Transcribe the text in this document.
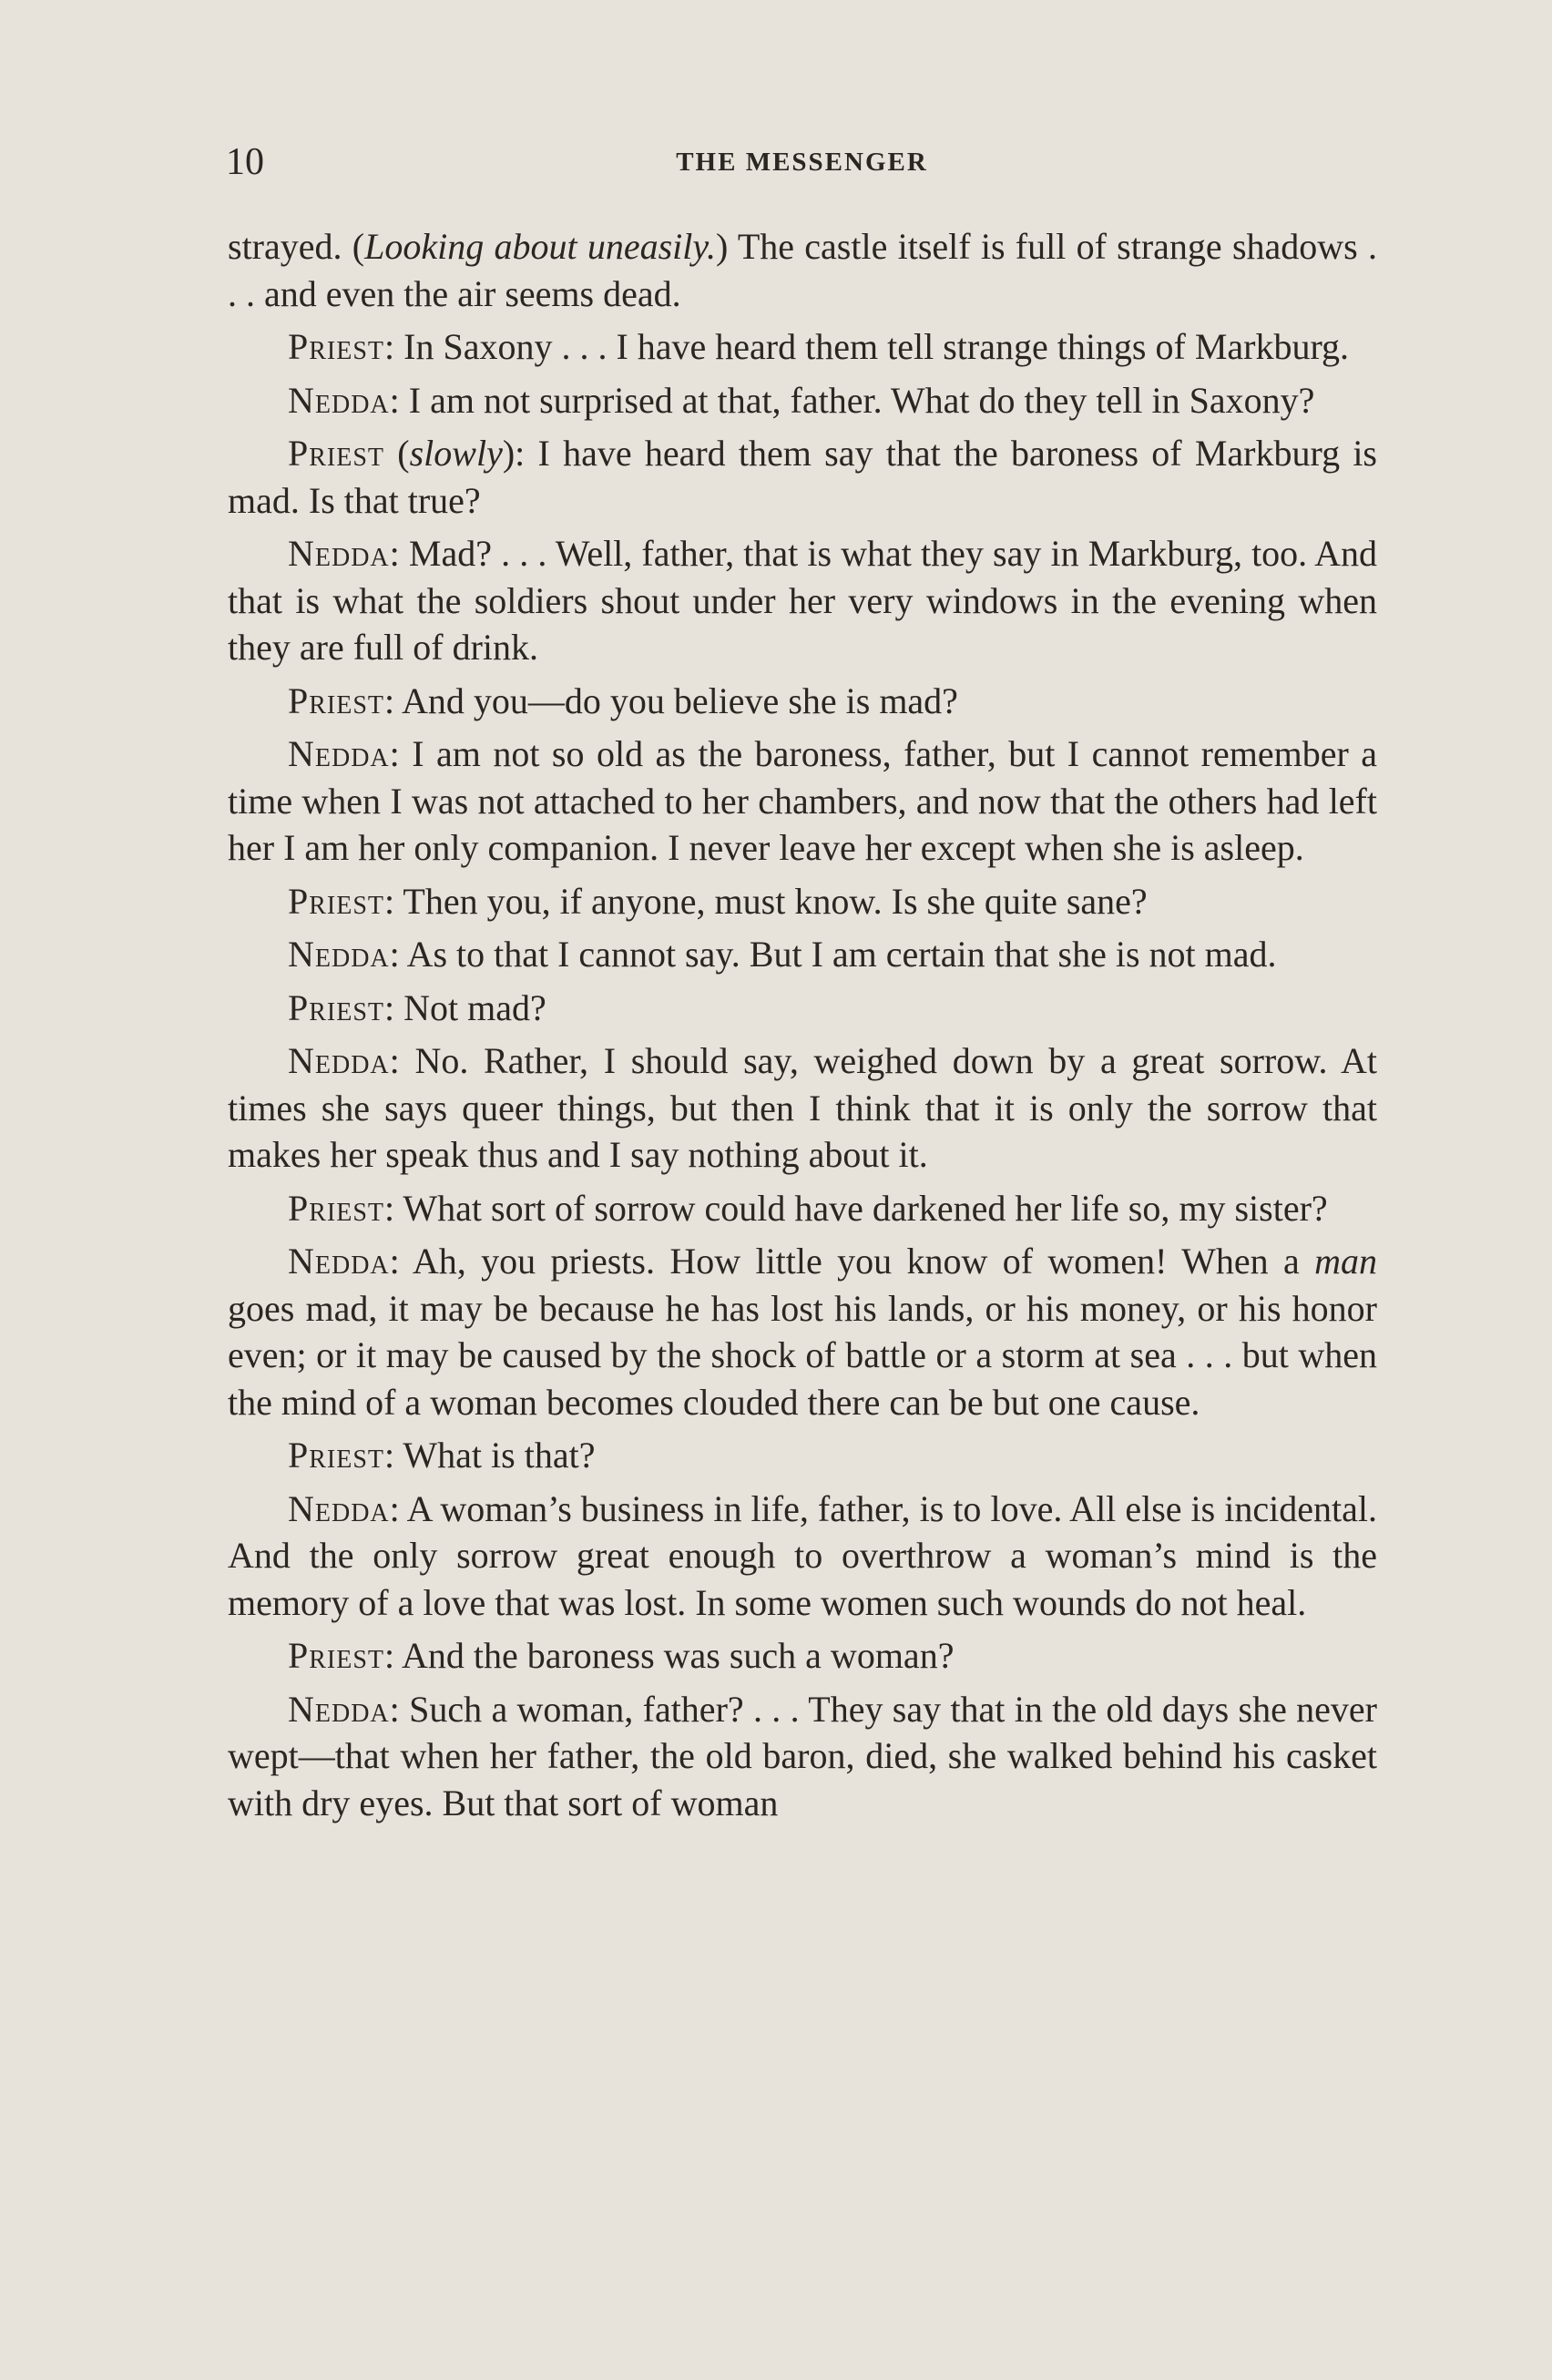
10	THE MESSENGER

strayed. (Looking about uneasily.) The castle itself is full of strange shadows . . . and even the air seems dead.

Priest: In Saxony . . . I have heard them tell strange things of Markburg.

Nedda: I am not surprised at that, father. What do they tell in Saxony?

Priest (slowly): I have heard them say that the baroness of Markburg is mad. Is that true?

Nedda: Mad? . . . Well, father, that is what they say in Markburg, too. And that is what the soldiers shout under her very windows in the evening when they are full of drink.

Priest: And you—do you believe she is mad?

Nedda: I am not so old as the baroness, father, but I cannot remember a time when I was not attached to her chambers, and now that the others had left her I am her only companion. I never leave her except when she is asleep.

Priest: Then you, if anyone, must know. Is she quite sane?

Nedda: As to that I cannot say. But I am certain that she is not mad.

Priest: Not mad?

Nedda: No. Rather, I should say, weighed down by a great sorrow. At times she says queer things, but then I think that it is only the sorrow that makes her speak thus and I say nothing about it.

Priest: What sort of sorrow could have darkened her life so, my sister?

Nedda: Ah, you priests. How little you know of women! When a man goes mad, it may be because he has lost his lands, or his money, or his honor even; or it may be caused by the shock of battle or a storm at sea . . . but when the mind of a woman becomes clouded there can be but one cause.

Priest: What is that?

Nedda: A woman’s business in life, father, is to love. All else is incidental. And the only sorrow great enough to overthrow a woman’s mind is the memory of a love that was lost. In some women such wounds do not heal.

Priest: And the baroness was such a woman?

Nedda: Such a woman, father? . . . They say that in the old days she never wept—that when her father, the old baron, died, she walked behind his casket with dry eyes. But that sort of woman
